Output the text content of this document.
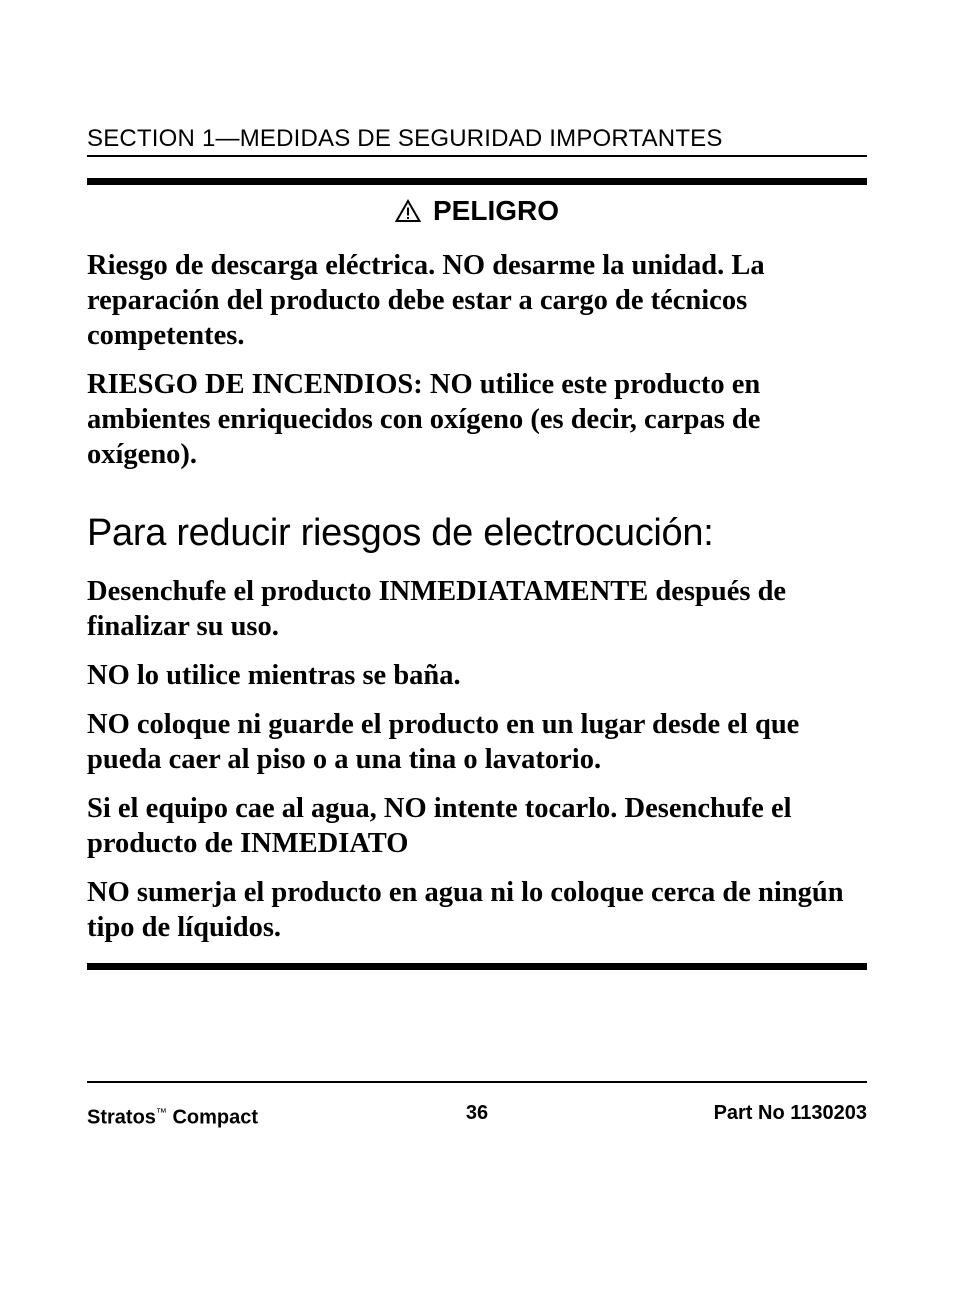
SECTION 1—MEDIDAS DE SEGURIDAD IMPORTANTES
PELIGRO

Riesgo de descarga eléctrica. NO desarme la unidad. La reparación del producto debe estar a cargo de técnicos competentes.

RIESGO DE INCENDIOS: NO utilice este producto en ambientes enriquecidos con oxígeno (es decir, carpas de oxígeno).

Para reducir riesgos de electrocución:

Desenchufe el producto INMEDIATAMENTE después de finalizar su uso.

NO lo utilice mientras se baña.

NO coloque ni guarde el producto en un lugar desde el que pueda caer al piso o a una tina o lavatorio.

Si el equipo cae al agua, NO intente tocarlo. Desenchufe el producto de INMEDIATO

NO sumerja el producto en agua ni lo coloque cerca de ningún tipo de líquidos.

Stratos™ Compact	36	Part No 1130203
